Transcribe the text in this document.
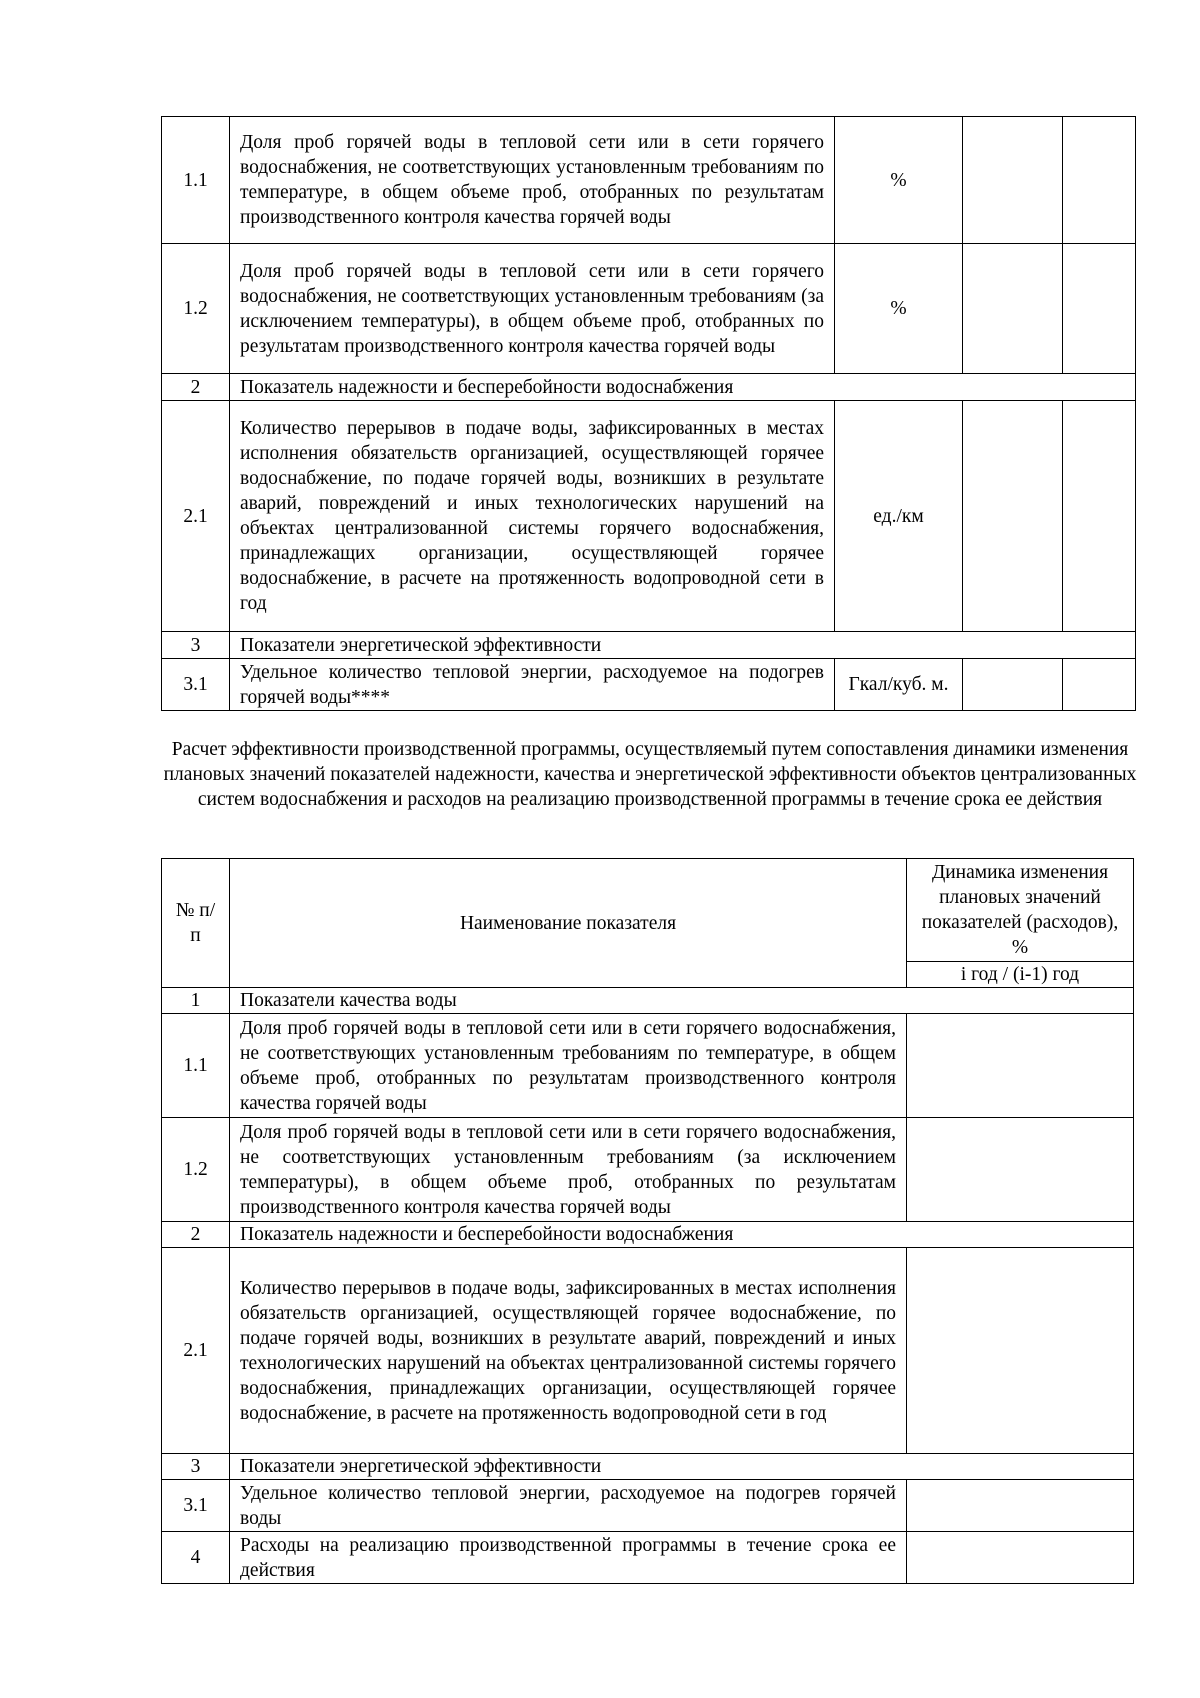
1.1	Доля проб горячей воды в тепловой сети или в сети горячего водоснабжения, не соответствующих установленным требованиям по температуре, в общем объеме проб, отобранных по результатам производственного контроля качества горячей воды	%		
1.2	Доля проб горячей воды в тепловой сети или в сети горячего водоснабжения, не соответствующих установленным требованиям (за исключением температуры), в общем объеме проб, отобранных по результатам производственного контроля качества горячей воды	%		
2	Показатель надежности и бесперебойности водоснабжения			
2.1	Количество перерывов в подаче воды, зафиксированных в местах исполнения обязательств организацией, осуществляющей горячее водоснабжение, по подаче горячей воды, возникших в результате аварий, повреждений и иных технологических нарушений на объектах централизованной системы горячего водоснабжения, принадлежащих организации, осуществляющей горячее водоснабжение, в расчете на протяженность водопроводной сети в год	ед./км		
3	Показатели энергетической эффективности			
3.1	Удельное количество тепловой энергии, расходуемое на подогрев горячей воды****	Гкал/куб. м.		
Расчет эффективности производственной программы, осуществляемый путем сопоставления динамики изменения плановых значений показателей надежности, качества и энергетической эффективности объектов централизованных систем водоснабжения и расходов на реализацию производственной программы в течение срока ее действия
№ п/п	Наименование показателя	Динамика изменения плановых значений показателей (расходов), %
		i год / (i-1) год
1	Показатели качества воды	
1.1	Доля проб горячей воды в тепловой сети или в сети горячего водоснабжения, не соответствующих установленным требованиям по температуре, в общем объеме проб, отобранных по результатам производственного контроля качества горячей воды	
1.2	Доля проб горячей воды в тепловой сети или в сети горячего водоснабжения, не соответствующих установленным требованиям (за исключением температуры), в общем объеме проб, отобранных по результатам производственного контроля качества горячей воды	
2	Показатель надежности и бесперебойности водоснабжения	
2.1	Количество перерывов в подаче воды, зафиксированных в местах исполнения обязательств организацией, осуществляющей горячее водоснабжение, по подаче горячей воды, возникших в результате аварий, повреждений и иных технологических нарушений на объектах централизованной системы горячего водоснабжения, принадлежащих организации, осуществляющей горячее водоснабжение, в расчете на протяженность водопроводной сети в год	
3	Показатели энергетической эффективности	
3.1	Удельное количество тепловой энергии, расходуемое на подогрев горячей воды	
4	Расходы на реализацию производственной программы в течение срока ее действия	
